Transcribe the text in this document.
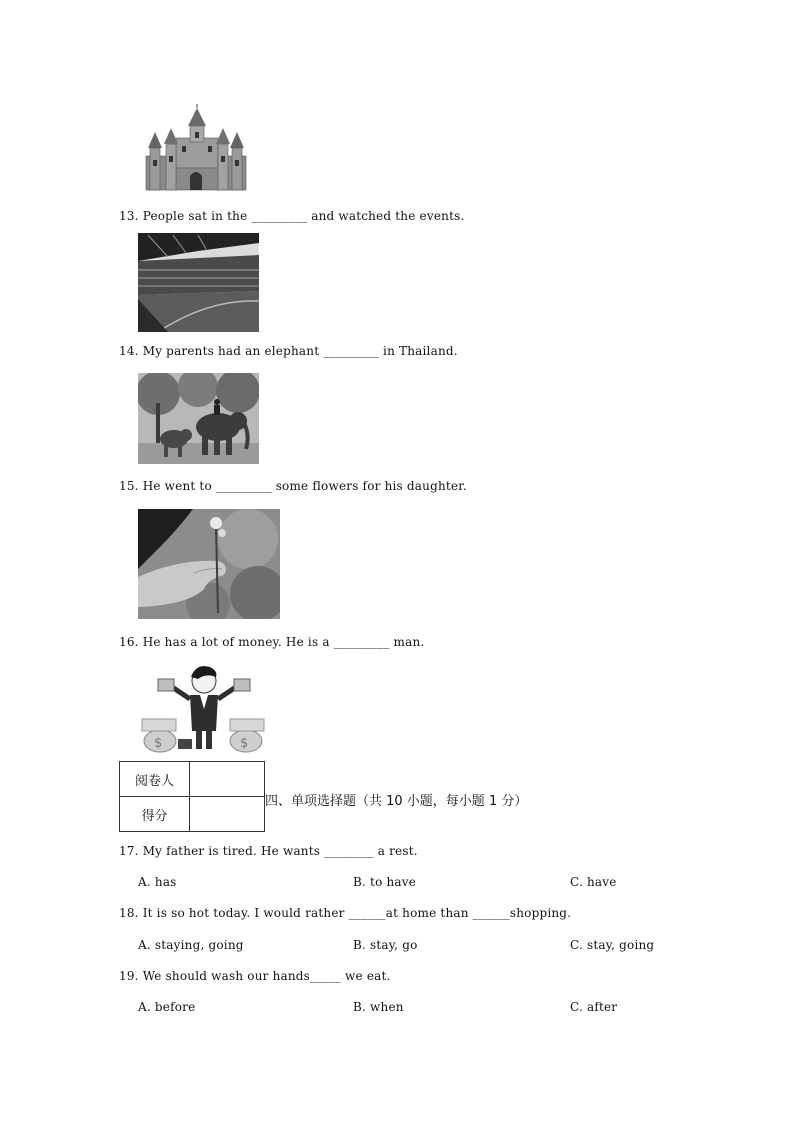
13. People sat in the _________ and watched the events.
14. My parents had an elephant _________ in Thailand.
15. He went to _________ some flowers for his daughter.
16. He has a lot of money. He is a _________ man.
$	$
阅卷人	
得分	
四、单项选择题（共 10 小题，每小题 1 分）
17. My father is tired. He wants ________ a rest.
A. has	B. to have	C. have
18. It is so hot today. I would rather ______at home than ______shopping.
A. staying, going	B. stay, go	C. stay, going
19. We should wash our hands_____ we eat.
A. before	B. when	C. after
